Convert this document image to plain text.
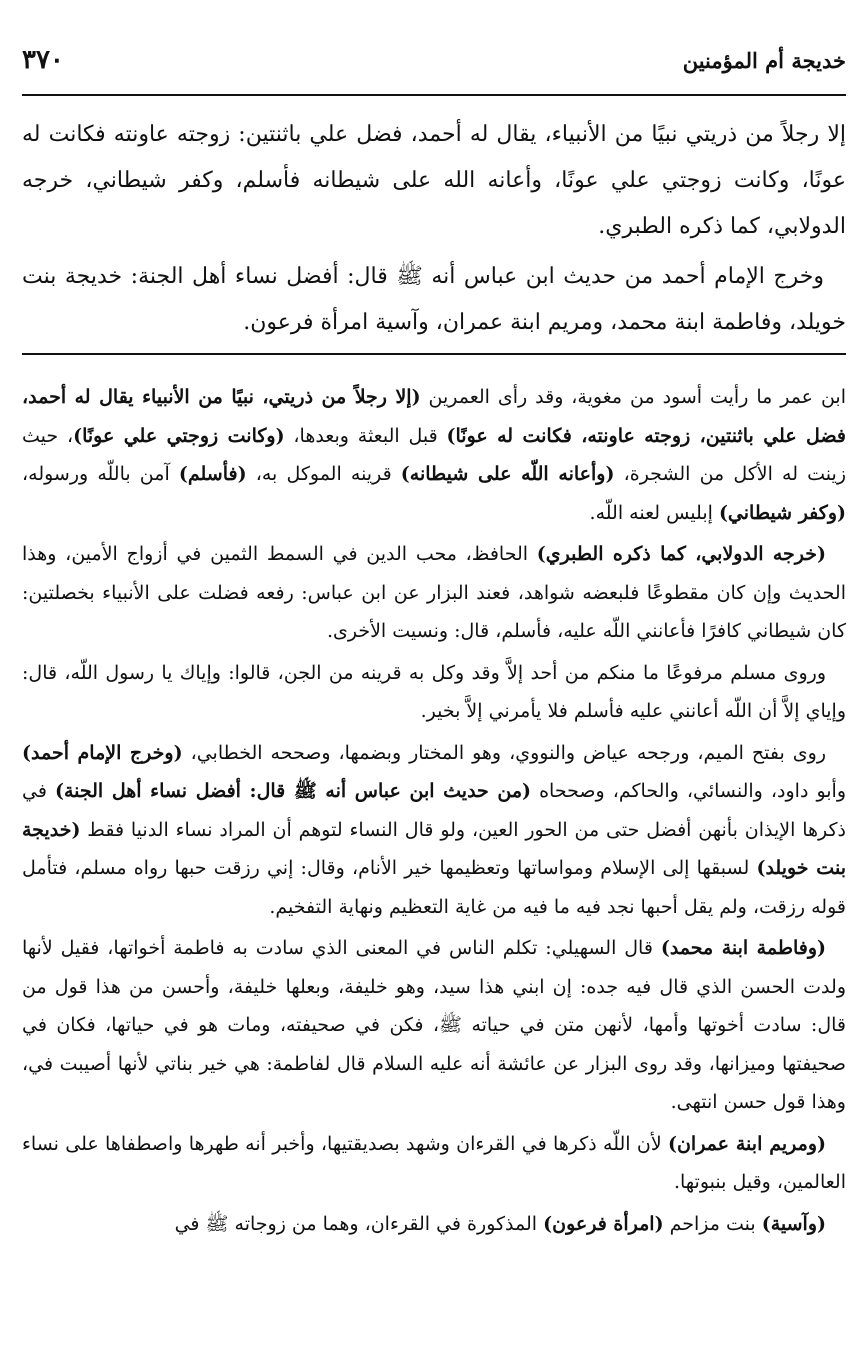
خديجة أم المؤمنين
٣٧٠

إلا رجلاً من ذريتي نبيًا من الأنبياء، يقال له أحمد، فضل علي باثنتين: زوجته عاونته فكانت له عونًا، وكانت زوجتي علي عونًا، وأعانه الله على شيطانه فأسلم، وكفر شيطاني، خرجه الدولابي، كما ذكره الطبري.

وخرج الإمام أحمد من حديث ابن عباس أنه ﷺ قال: أفضل نساء أهل الجنة: خديجة بنت خويلد، وفاطمة ابنة محمد، ومريم ابنة عمران، وآسية امرأة فرعون.

ابن عمر ما رأيت أسود من مغوية، وقد رأى العمرين (إلا رجلاً من ذريتي، نبيًا من الأنبياء يقال له أحمد، فضل علي باثنتين، زوجته عاونته، فكانت له عونًا) قبل البعثة وبعدها، (وكانت زوجتي علي عونًا)، حيث زينت له الأكل من الشجرة، (وأعانه اللّه على شيطانه) قرينه الموكل به، (فأسلم) آمن باللّه ورسوله، (وكفر شيطاني) إبليس لعنه اللّه.

(خرجه الدولابي، كما ذكره الطبري) الحافظ، محب الدين في السمط الثمين في أزواج الأمين، وهذا الحديث وإن كان مقطوعًا فلبعضه شواهد، فعند البزار عن ابن عباس: رفعه فضلت على الأنبياء بخصلتين: كان شيطاني كافرًا فأعانني اللّه عليه، فأسلم، قال: ونسيت الأخرى.

وروى مسلم مرفوعًا ما منكم من أحد إلاَّ وقد وكل به قرينه من الجن، قالوا: وإياك يا رسول اللّه، قال: وإياي إلاَّ أن اللّه أعانني عليه فأسلم فلا يأمرني إلاَّ بخير.

روى بفتح الميم، ورجحه عياض والنووي، وهو المختار وبضمها، وصححه الخطابي، (وخرج الإمام أحمد) وأبو داود، والنسائي، والحاكم، وصححاه (من حديث ابن عباس أنه ﷺ قال: أفضل نساء أهل الجنة) في ذكرها الإيذان بأنهن أفضل حتى من الحور العين، ولو قال النساء لتوهم أن المراد نساء الدنيا فقط (خديجة بنت خويلد) لسبقها إلى الإسلام ومواساتها وتعظيمها خير الأنام، وقال: إني رزقت حبها رواه مسلم، فتأمل قوله رزقت، ولم يقل أحبها نجد فيه ما فيه من غاية التعظيم ونهاية التفخيم.

(وفاطمة ابنة محمد) قال السهيلي: تكلم الناس في المعنى الذي سادت به فاطمة أخواتها، فقيل لأنها ولدت الحسن الذي قال فيه جده: إن ابني هذا سيد، وهو خليفة، وبعلها خليفة، وأحسن من هذا قول من قال: سادت أخوتها وأمها، لأنهن متن في حياته ﷺ، فكن في صحيفته، ومات هو في حياتها، فكان في صحيفتها وميزانها، وقد روى البزار عن عائشة أنه عليه السلام قال لفاطمة: هي خير بناتي لأنها أصيبت في، وهذا قول حسن انتهى.

(ومريم ابنة عمران) لأن اللّه ذكرها في القرءان وشهد بصديقتيها، وأخبر أنه طهرها واصطفاها على نساء العالمين، وقيل بنبوتها.

(وآسية) بنت مزاحم (امرأة فرعون) المذكورة في القرءان، وهما من زوجاته ﷺ في
